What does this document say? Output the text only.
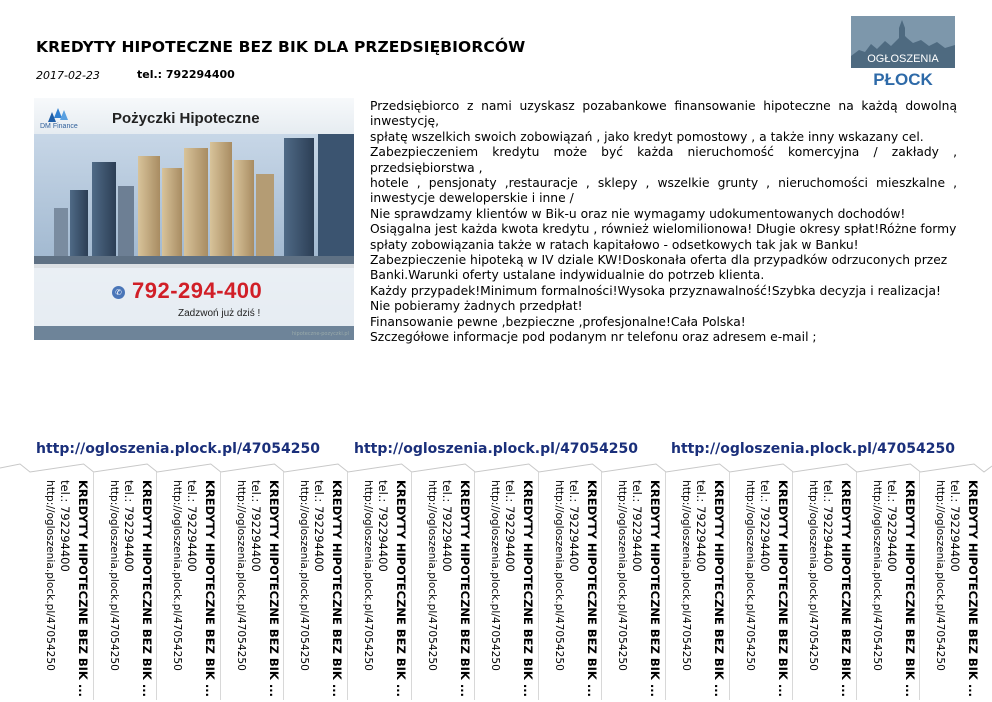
KREDYTY HIPOTECZNE BEZ BIK DLA PRZEDSIĘBIORCÓW
2017-02-23	tel.: 792294400
OGŁOSZENIA
PŁOCK
DM Finance Pożyczki Hipoteczne
✆ 792-294-400
Zadzwoń już dziś !
hipoteczne-pozyczki.pl

Przedsiębiorco z nami uzyskasz pozabankowe finansowanie hipoteczne na każdą dowolną inwestycję,

spłatę wszelkich swoich zobowiązań , jako kredyt pomostowy , a także inny wskazany cel.

Zabezpieczeniem kredytu może być każda nieruchomość komercyjna / zakłady , przedsiębiorstwa ,

hotele , pensjonaty ,restauracje , sklepy , wszelkie grunty , nieruchomości mieszkalne , inwestycje deweloperskie i inne /

Nie sprawdzamy klientów w Bik-u oraz nie wymagamy udokumentowanych dochodów!

Osiągalna jest każda kwota kredytu , również wielomilionowa! Długie okresy spłat!Różne formy

spłaty zobowiązania także w ratach kapitałowo - odsetkowych tak jak w Banku!

Zabezpieczenie hipoteką w IV dziale KW!Doskonała oferta dla przypadków odrzuconych przez

Banki.Warunki oferty ustalane indywidualnie do potrzeb klienta.

Każdy przypadek!Minimum formalności!Wysoka przyznawalność!Szybka decyzja i realizacja!

Nie pobieramy żadnych przedpłat!

Finansowanie pewne ,bezpieczne ,profesjonalne!Cała Polska!

Szczegółowe informacje pod podanym nr telefonu oraz adresem e-mail ;

http://ogloszenia.plock.pl/47054250 http://ogloszenia.plock.pl/47054250 http://ogloszenia.plock.pl/47054250
KREDYTY HIPOTECZNE BEZ BIK ...
tel.: 792294400
http://ogloszenia.plock.pl/47054250	KREDYTY HIPOTECZNE BEZ BIK ...
tel.: 792294400
http://ogloszenia.plock.pl/47054250	KREDYTY HIPOTECZNE BEZ BIK ...
tel.: 792294400
http://ogloszenia.plock.pl/47054250	KREDYTY HIPOTECZNE BEZ BIK ...
tel.: 792294400
http://ogloszenia.plock.pl/47054250	KREDYTY HIPOTECZNE BEZ BIK ...
tel.: 792294400
http://ogloszenia.plock.pl/47054250	KREDYTY HIPOTECZNE BEZ BIK ...
tel.: 792294400
http://ogloszenia.plock.pl/47054250	KREDYTY HIPOTECZNE BEZ BIK ...
tel.: 792294400
http://ogloszenia.plock.pl/47054250	KREDYTY HIPOTECZNE BEZ BIK ...
tel.: 792294400
http://ogloszenia.plock.pl/47054250	KREDYTY HIPOTECZNE BEZ BIK ...
tel.: 792294400
http://ogloszenia.plock.pl/47054250	KREDYTY HIPOTECZNE BEZ BIK ...
tel.: 792294400
http://ogloszenia.plock.pl/47054250	KREDYTY HIPOTECZNE BEZ BIK ...
tel.: 792294400
http://ogloszenia.plock.pl/47054250	KREDYTY HIPOTECZNE BEZ BIK ...
tel.: 792294400
http://ogloszenia.plock.pl/47054250	KREDYTY HIPOTECZNE BEZ BIK ...
tel.: 792294400
http://ogloszenia.plock.pl/47054250	KREDYTY HIPOTECZNE BEZ BIK ...
tel.: 792294400
http://ogloszenia.plock.pl/47054250	KREDYTY HIPOTECZNE BEZ BIK ...
tel.: 792294400
http://ogloszenia.plock.pl/47054250
